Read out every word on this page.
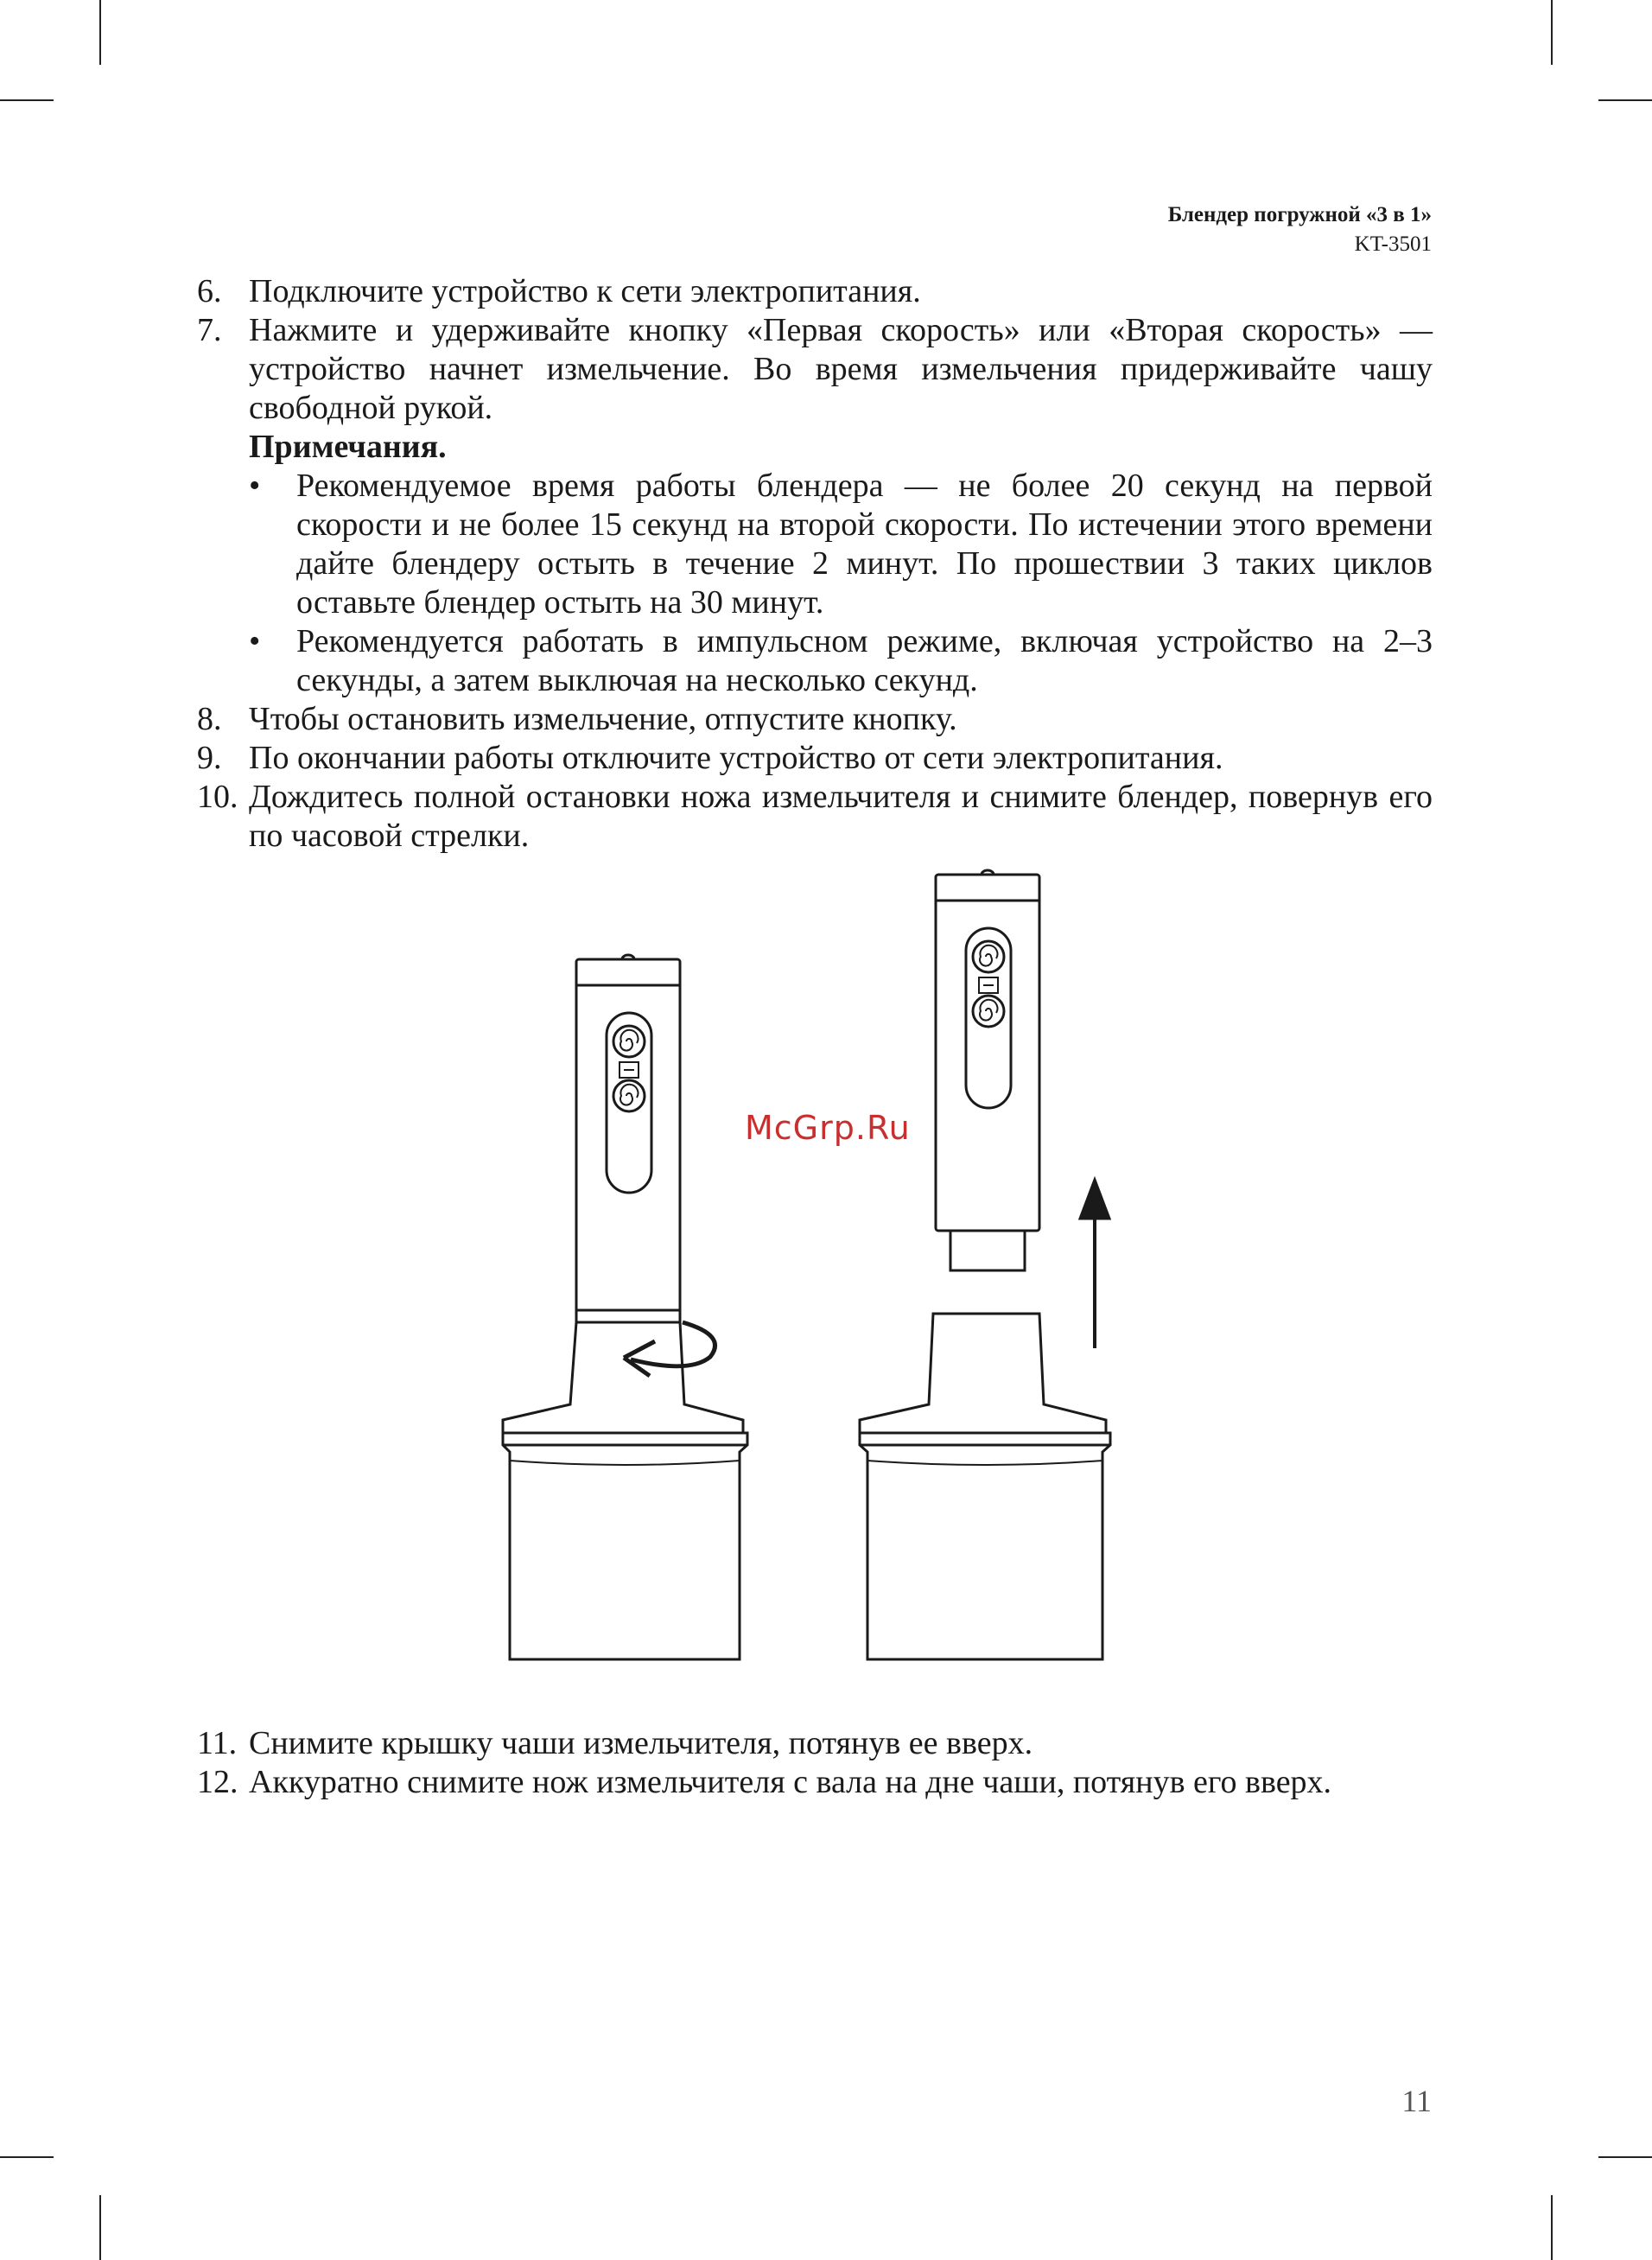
Блендер погружной «3 в 1»
KT-3501
6. Подключите устройство к сети электропитания.
7. Нажмите и удерживайте кнопку «Первая скорость» или «Вторая скорость» — устройство начнет измельчение. Во время измельчения придерживайте чашу свободной рукой.
Примечания.
•	Рекомендуемое время работы блендера — не более 20 секунд на первой скорости и не более 15 секунд на второй скорости. По истечении этого времени дайте блендеру остыть в течение 2 минут. По прошествии 3 таких циклов оставьте блендер остыть на 30 минут.
•	Рекомендуется работать в импульсном режиме, включая устройство на 2–3 секунды, а затем выключая на несколько секунд.
8. Чтобы остановить измельчение, отпустите кнопку.
9. По окончании работы отключите устройство от сети электропитания.
10. Дождитесь полной остановки ножа измельчителя и снимите блендер, повернув его по часовой стрелки.
McGrp.Ru
11. Снимите крышку чаши измельчителя, потянув ее вверх.
12. Аккуратно снимите нож измельчителя с вала на дне чаши, потянув его вверх.
11
